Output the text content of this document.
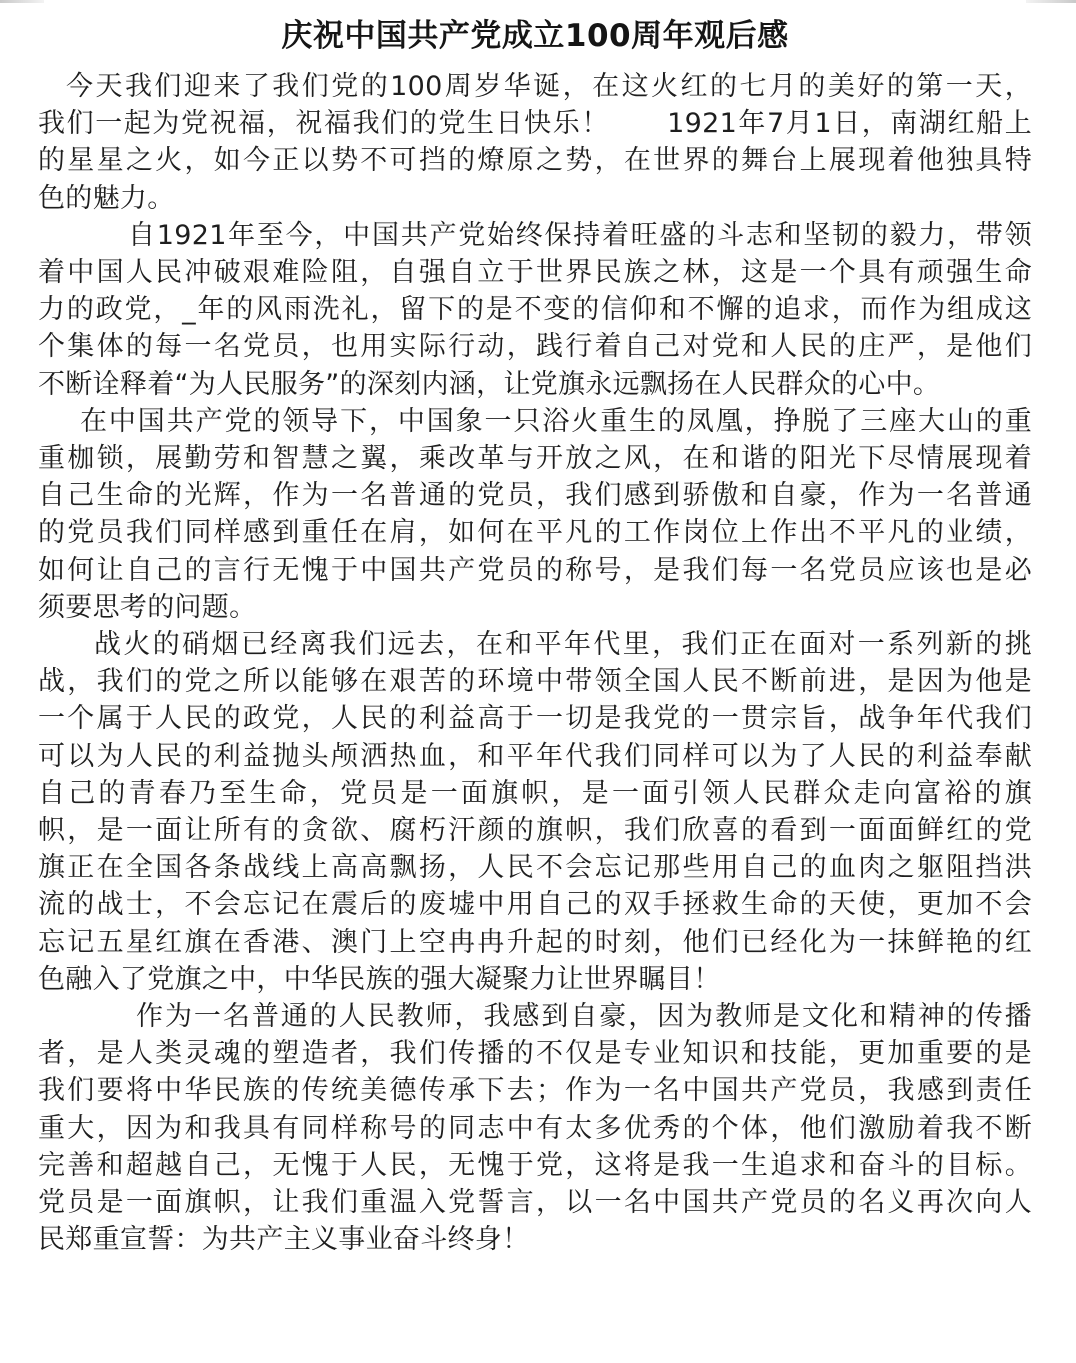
庆祝中国共产党成立100周年观后感

今天我们迎来了我们党的100周岁华诞，在这火红的七月的美好的第一天，

我们一起为党祝福，祝福我们的党生日快乐！　　1921年7月1日，南湖红船上

的星星之火，如今正以势不可挡的燎原之势，在世界的舞台上展现着他独具特

色的魅力。

自1921年至今，中国共产党始终保持着旺盛的斗志和坚韧的毅力，带领

着中国人民冲破艰难险阻，自强自立于世界民族之林，这是一个具有顽强生命

力的政党，_年的风雨洗礼，留下的是不变的信仰和不懈的追求，而作为组成这

个集体的每一名党员，也用实际行动，践行着自己对党和人民的庄严，是他们

不断诠释着“为人民服务”的深刻内涵，让党旗永远飘扬在人民群众的心中。

在中国共产党的领导下，中国象一只浴火重生的凤凰，挣脱了三座大山的重

重枷锁，展勤劳和智慧之翼，乘改革与开放之风，在和谐的阳光下尽情展现着

自己生命的光辉，作为一名普通的党员，我们感到骄傲和自豪，作为一名普通

的党员我们同样感到重任在肩，如何在平凡的工作岗位上作出不平凡的业绩，

如何让自己的言行无愧于中国共产党员的称号，是我们每一名党员应该也是必

须要思考的问题。

战火的硝烟已经离我们远去，在和平年代里，我们正在面对一系列新的挑

战，我们的党之所以能够在艰苦的环境中带领全国人民不断前进，是因为他是

一个属于人民的政党，人民的利益高于一切是我党的一贯宗旨，战争年代我们

可以为人民的利益抛头颅洒热血，和平年代我们同样可以为了人民的利益奉献

自己的青春乃至生命，党员是一面旗帜，是一面引领人民群众走向富裕的旗

帜，是一面让所有的贪欲、腐朽汗颜的旗帜，我们欣喜的看到一面面鲜红的党

旗正在全国各条战线上高高飘扬，人民不会忘记那些用自己的血肉之躯阻挡洪

流的战士，不会忘记在震后的废墟中用自己的双手拯救生命的天使，更加不会

忘记五星红旗在香港、澳门上空冉冉升起的时刻，他们已经化为一抹鲜艳的红

色融入了党旗之中，中华民族的强大凝聚力让世界瞩目！

作为一名普通的人民教师，我感到自豪，因为教师是文化和精神的传播

者，是人类灵魂的塑造者，我们传播的不仅是专业知识和技能，更加重要的是

我们要将中华民族的传统美德传承下去；作为一名中国共产党员，我感到责任

重大，因为和我具有同样称号的同志中有太多优秀的个体，他们激励着我不断

完善和超越自己，无愧于人民，无愧于党，这将是我一生追求和奋斗的目标。

党员是一面旗帜，让我们重温入党誓言，以一名中国共产党员的名义再次向人

民郑重宣誓：为共产主义事业奋斗终身！
